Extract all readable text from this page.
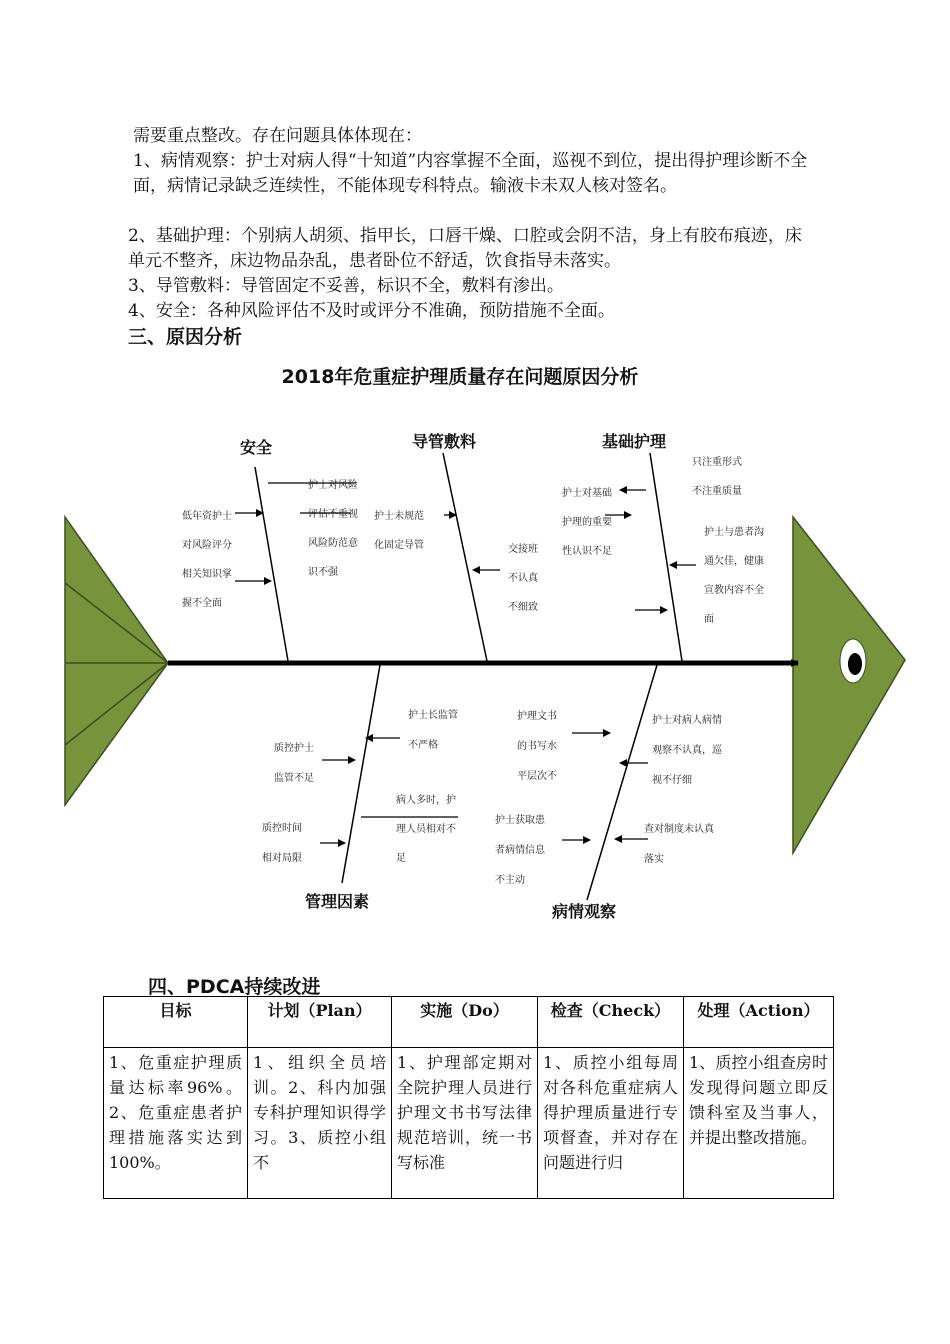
需要重点整改。存在问题具体体现在：
1、病情观察：护士对病人得“十知道”内容掌握不全面，巡视不到位，提出得护理诊断不全面，病情记录缺乏连续性，不能体现专科特点。输液卡未双人核对签名。
2、基础护理：个别病人胡须、指甲长，口唇干燥、口腔或会阴不洁，身上有胶布痕迹，床单元不整齐，床边物品杂乱，患者卧位不舒适，饮食指导未落实。
3、导管敷料：导管固定不妥善，标识不全，敷料有渗出。
4、安全：各种风险评估不及时或评分不准确，预防措施不全面。
三、原因分析
2018年危重症护理质量存在问题原因分析
安全	导管敷料	基础护理
管理因素
病情观察
低年资护士 对风险评分 相关知识掌 握不全面
护士对风险 评估不重视 风险防范意 识不强
护士未规范 化固定导管	交接班 不认真 不细致
护士对基础 护理的重要 性认识不足
只注重形式 不注重质量
护士与患者沟 通欠佳，健康 宣教内容不全 面
质控护士 监管不足
质控时间 相对局限
护士长监管 不严格
病人多时，护 理人员相对不 足
护理文书 的书写水 平层次不
护士获取患 者病情信息 不主动
护士对病人病情 观察不认真，巡 视不仔细
查对制度未认真 落实
四、PDCA持续改进
目标	计划（Plan）	实施（Do）	检查（Check）	处理（Action）
1、危重症护理质量达标率96%。2、危重症患者护理措施落实达到100%。	1、组织全员培训。2、科内加强专科护理知识得学习。3、质控小组不	1、护理部定期对全院护理人员进行护理文书书写法律规范培训，统一书写标准	1、质控小组每周对各科危重症病人得护理质量进行专项督查，并对存在问题进行归	1、质控小组查房时发现得问题立即反馈科室及当事人，并提出整改措施。
